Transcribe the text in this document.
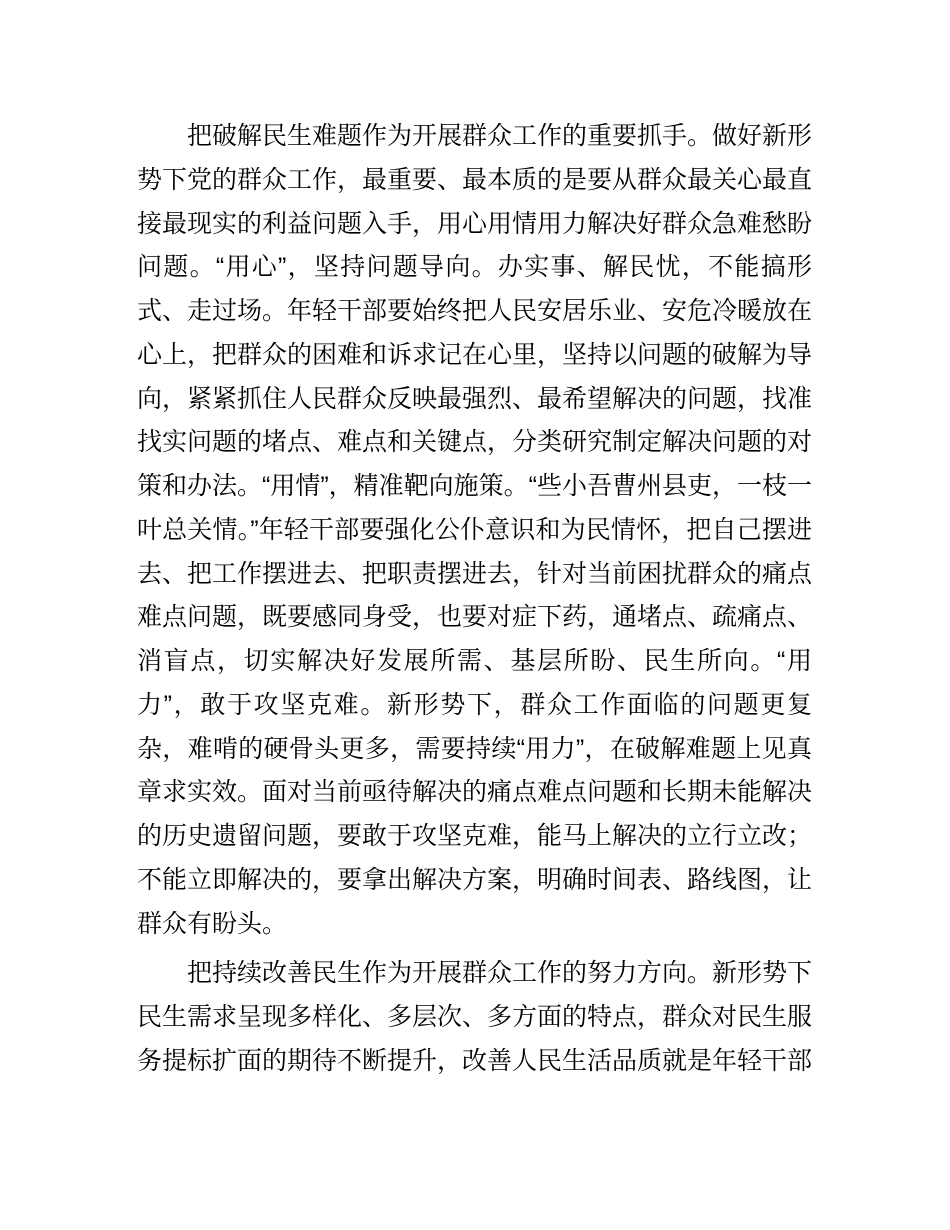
把破解民生难题作为开展群众工作的重要抓手。做好新形势下党的群众工作，最重要、最本质的是要从群众最关心最直接最现实的利益问题入手，用心用情用力解决好群众急难愁盼问题。“用心”，坚持问题导向。办实事、解民忧，不能搞形式、走过场。年轻干部要始终把人民安居乐业、安危冷暖放在心上，把群众的困难和诉求记在心里，坚持以问题的破解为导向，紧紧抓住人民群众反映最强烈、最希望解决的问题，找准找实问题的堵点、难点和关键点，分类研究制定解决问题的对策和办法。“用情”，精准靶向施策。“些小吾曹州县吏，一枝一叶总关情。”年轻干部要强化公仆意识和为民情怀，把自己摆进去、把工作摆进去、把职责摆进去，针对当前困扰群众的痛点难点问题，既要感同身受，也要对症下药，通堵点、疏痛点、消盲点，切实解决好发展所需、基层所盼、民生所向。“用力”，敢于攻坚克难。新形势下，群众工作面临的问题更复杂，难啃的硬骨头更多，需要持续“用力”，在破解难题上见真章求实效。面对当前亟待解决的痛点难点问题和长期未能解决的历史遗留问题，要敢于攻坚克难，能马上解决的立行立改；不能立即解决的，要拿出解决方案，明确时间表、路线图，让群众有盼头。

把持续改善民生作为开展群众工作的努力方向。新形势下民生需求呈现多样化、多层次、多方面的特点，群众对民生服务提标扩面的期待不断提升，改善人民生活品质就是年轻干部
